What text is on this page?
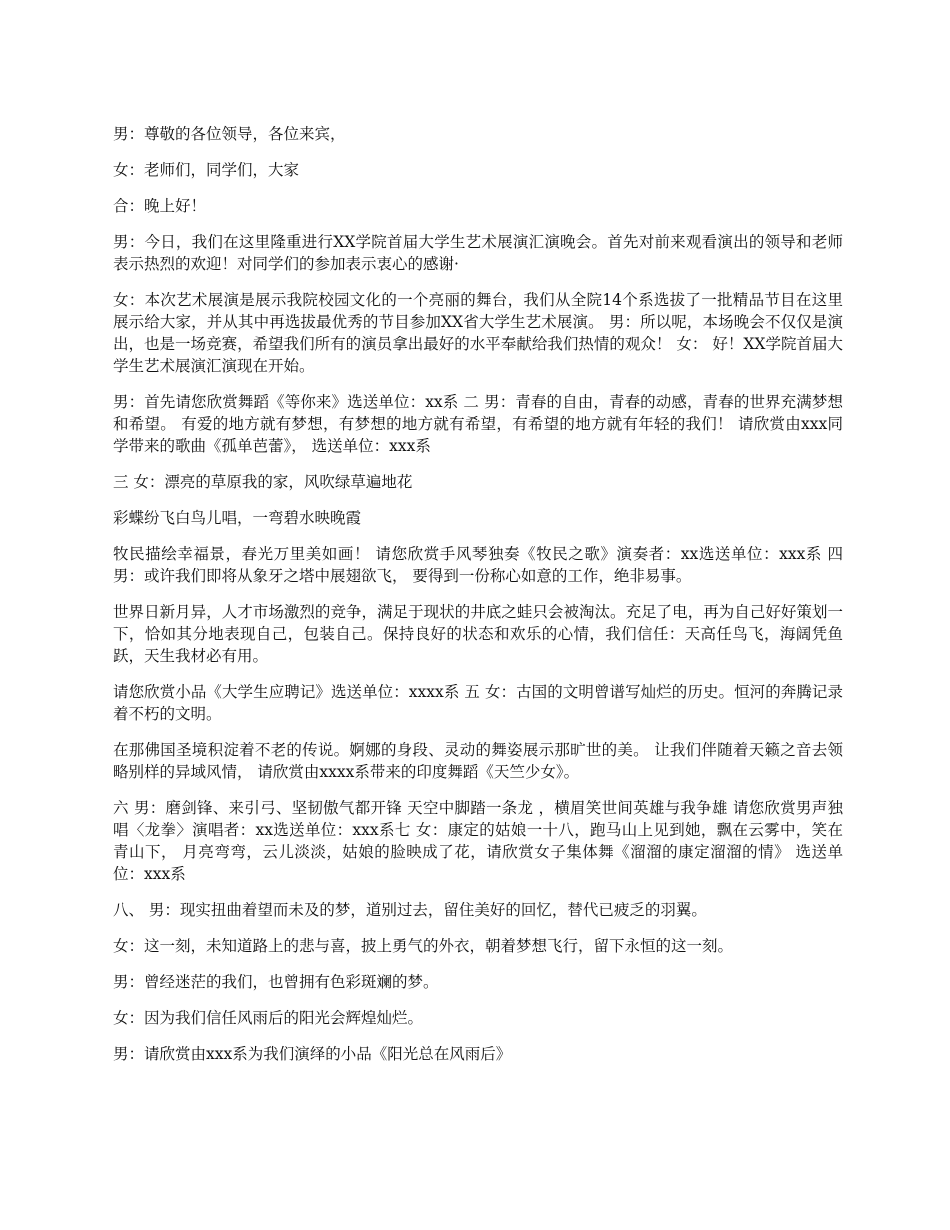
男：尊敬的各位领导，各位来宾，

女：老师们，同学们，大家

合：晚上好！

男：今日，我们在这里隆重进行XX学院首届大学生艺术展演汇演晚会。首先对前来观看演出的领导和老师表示热烈的欢迎！对同学们的参加表示衷心的感谢·

女：本次艺术展演是展示我院校园文化的一个亮丽的舞台，我们从全院14个系选拔了一批精品节目在这里展示给大家，并从其中再选拔最优秀的节目参加XX省大学生艺术展演。 男：所以呢，本场晚会不仅仅是演出，也是一场竞赛，希望我们所有的演员拿出最好的水平奉献给我们热情的观众！ 女： 好！XX学院首届大学生艺术展演汇演现在开始。

男：首先请您欣赏舞蹈《等你来》选送单位：xx系 二 男：青春的自由，青春的动感，青春的世界充满梦想和希望。 有爱的地方就有梦想，有梦想的地方就有希望，有希望的地方就有年轻的我们！ 请欣赏由xxx同学带来的歌曲《孤单芭蕾》， 选送单位：xxx系

三 女：漂亮的草原我的家，风吹绿草遍地花

彩蝶纷飞白鸟儿唱，一弯碧水映晚霞

牧民描绘幸福景，春光万里美如画！ 请您欣赏手风琴独奏《牧民之歌》演奏者：xx选送单位：xxx系 四 男：或许我们即将从象牙之塔中展翅欲飞， 要得到一份称心如意的工作，绝非易事。

世界日新月异，人才市场激烈的竞争，满足于现状的井底之蛙只会被淘汰。充足了电，再为自己好好策划一下，恰如其分地表现自己，包装自己。保持良好的状态和欢乐的心情，我们信任：天高任鸟飞，海阔凭鱼跃，天生我材必有用。

请您欣赏小品《大学生应聘记》选送单位：xxxx系 五 女：古国的文明曾谱写灿烂的历史。恒河的奔腾记录着不朽的文明。

在那佛国圣境积淀着不老的传说。婀娜的身段、灵动的舞姿展示那旷世的美。 让我们伴随着天籁之音去领略别样的异域风情， 请欣赏由xxxx系带来的印度舞蹈《天竺少女》。

六 男：磨剑锋、来引弓、坚韧傲气都开锋 天空中脚踏一条龙 ，横眉笑世间英雄与我争雄 请您欣赏男声独唱〈龙拳〉演唱者：xx选送单位：xxx系七 女：康定的姑娘一十八，跑马山上见到她，飘在云雾中，笑在青山下， 月亮弯弯，云儿淡淡，姑娘的脸映成了花，请欣赏女子集体舞《溜溜的康定溜溜的情》 选送单位：xxx系

八、 男：现实扭曲着望而未及的梦，道别过去，留住美好的回忆，替代已疲乏的羽翼。

女：这一刻，未知道路上的悲与喜，披上勇气的外衣，朝着梦想飞行，留下永恒的这一刻。

男：曾经迷茫的我们，也曾拥有色彩斑斓的梦。

女：因为我们信任风雨后的阳光会辉煌灿烂。

男：请欣赏由xxx系为我们演绎的小品《阳光总在风雨后》
